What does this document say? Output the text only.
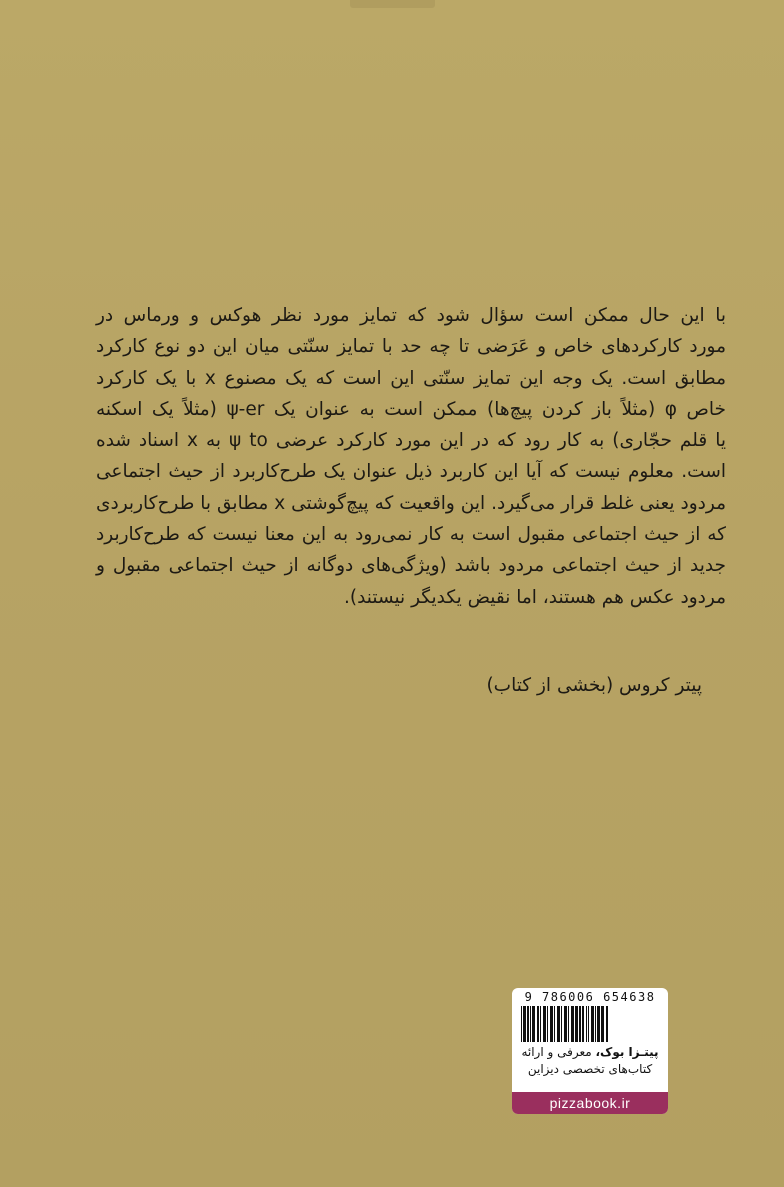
با این حال ممکن است سؤال شود که تمایز مورد نظر هوکس و ورماس در
مورد کارکردهای خاص و عَرَضی تا چه حد با تمایز سنّتی میان این دو نوع کارکرد
مطابق است. یک وجه این تمایز سنّتی این است که یک مصنوع x با یک کارکرد
خاص φ (مثلاً باز کردن پیچ‌ها) ممکن است به عنوان یک ψ-er (مثلاً یک اسکنه
یا قلم حجّاری) به کار رود که در این مورد کارکرد عرضی ψ to به x اسناد شده
است. معلوم نیست که آیا این کاربرد ذیل عنوان یک طرح‌کاربرد از حیث اجتماعی
مردود یعنی غلط قرار می‌گیرد. این واقعیت که پیچ‌گوشتی x مطابق با طرح‌کاربردی
که از حیث اجتماعی مقبول است به کار نمی‌رود به این معنا نیست که طرح‌کاربرد
جدید از حیث اجتماعی مردود باشد (ویژگی‌های دوگانه از حیث اجتماعی مقبول و
مردود عکس هم هستند، اما نقیض یکدیگر نیستند).
پیتر کروس (بخشی از کتاب)
9 786006 654638
پیتـزا بوک، معرفی و ارائه
کتاب‌های تخصصی دیزاین
pizzabook.ir
